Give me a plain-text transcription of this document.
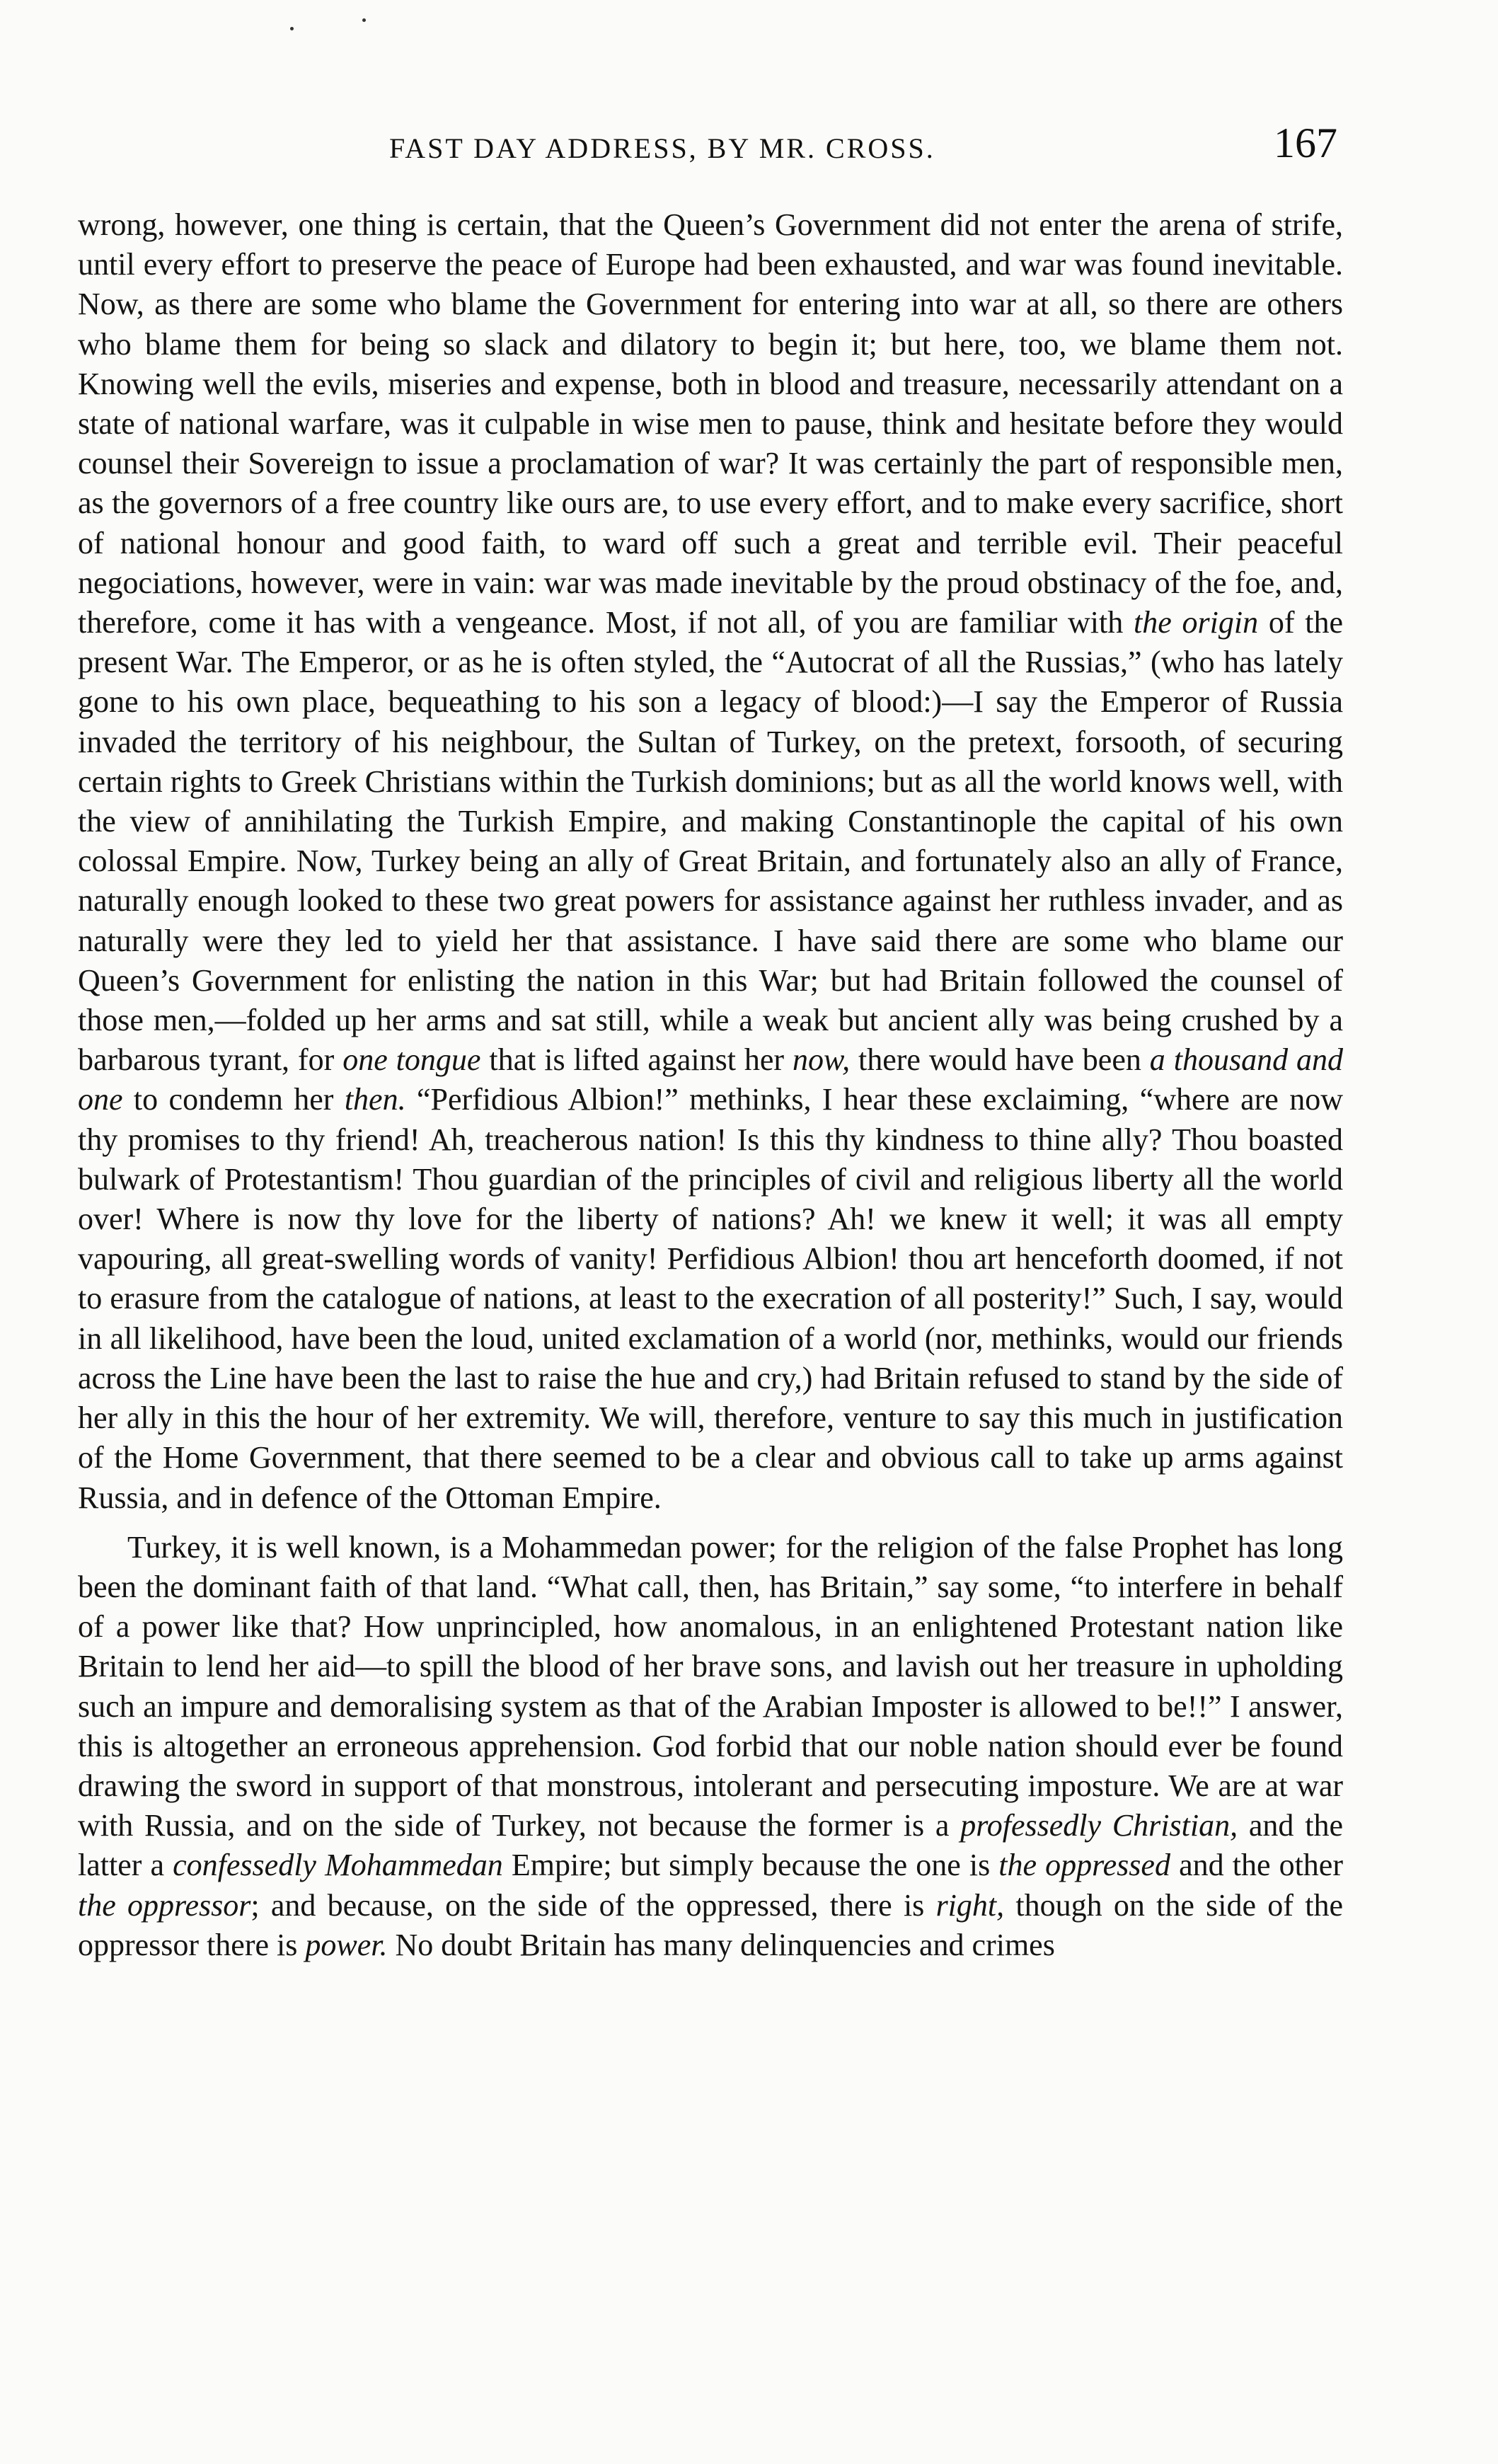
FAST DAY ADDRESS, BY MR. CROSS.	167

wrong, however, one thing is certain, that the Queen’s Government did not enter the arena of strife, until every effort to preserve the peace of Europe had been exhausted, and war was found inevitable. Now, as there are some who blame the Government for entering into war at all, so there are others who blame them for being so slack and dilatory to begin it; but here, too, we blame them not. Knowing well the evils, miseries and expense, both in blood and treasure, necessarily attendant on a state of national warfare, was it culpable in wise men to pause, think and hesitate before they would counsel their Sovereign to issue a proclamation of war? It was certainly the part of responsible men, as the governors of a free country like ours are, to use every effort, and to make every sacrifice, short of national honour and good faith, to ward off such a great and terrible evil. Their peaceful negociations, however, were in vain: war was made inevitable by the proud obstinacy of the foe, and, therefore, come it has with a vengeance. Most, if not all, of you are familiar with the origin of the present War. The Emperor, or as he is often styled, the “Autocrat of all the Russias,” (who has lately gone to his own place, bequeathing to his son a legacy of blood:)—I say the Emperor of Russia invaded the territory of his neighbour, the Sultan of Turkey, on the pretext, forsooth, of securing certain rights to Greek Christians within the Turkish dominions; but as all the world knows well, with the view of annihilating the Turkish Empire, and making Constantinople the capital of his own colossal Empire. Now, Turkey being an ally of Great Britain, and fortunately also an ally of France, naturally enough looked to these two great powers for assistance against her ruthless invader, and as naturally were they led to yield her that assistance. I have said there are some who blame our Queen’s Government for enlisting the nation in this War; but had Britain followed the counsel of those men,—folded up her arms and sat still, while a weak but ancient ally was being crushed by a barbarous tyrant, for one tongue that is lifted against her now, there would have been a thousand and one to condemn her then. “Perfidious Albion!” methinks, I hear these exclaiming, “where are now thy promises to thy friend! Ah, treacherous nation! Is this thy kindness to thine ally? Thou boasted bulwark of Protestantism! Thou guardian of the principles of civil and religious liberty all the world over! Where is now thy love for the liberty of nations? Ah! we knew it well; it was all empty vapouring, all great-swelling words of vanity! Perfidious Albion! thou art henceforth doomed, if not to erasure from the catalogue of nations, at least to the execration of all posterity!” Such, I say, would in all likelihood, have been the loud, united exclamation of a world (nor, methinks, would our friends across the Line have been the last to raise the hue and cry,) had Britain refused to stand by the side of her ally in this the hour of her extremity. We will, therefore, venture to say this much in justification of the Home Government, that there seemed to be a clear and obvious call to take up arms against Russia, and in defence of the Ottoman Empire.

Turkey, it is well known, is a Mohammedan power; for the religion of the false Prophet has long been the dominant faith of that land. “What call, then, has Britain,” say some, “to interfere in behalf of a power like that? How unprincipled, how anomalous, in an enlightened Protestant nation like Britain to lend her aid—to spill the blood of her brave sons, and lavish out her treasure in upholding such an impure and demoralising system as that of the Arabian Imposter is allowed to be!!” I answer, this is altogether an erroneous apprehension. God forbid that our noble nation should ever be found drawing the sword in support of that monstrous, intolerant and persecuting imposture. We are at war with Russia, and on the side of Turkey, not because the former is a professedly Christian, and the latter a confessedly Mohammedan Empire; but simply because the one is the oppressed and the other the oppressor; and because, on the side of the oppressed, there is right, though on the side of the oppressor there is power. No doubt Britain has many delinquencies and crimes
